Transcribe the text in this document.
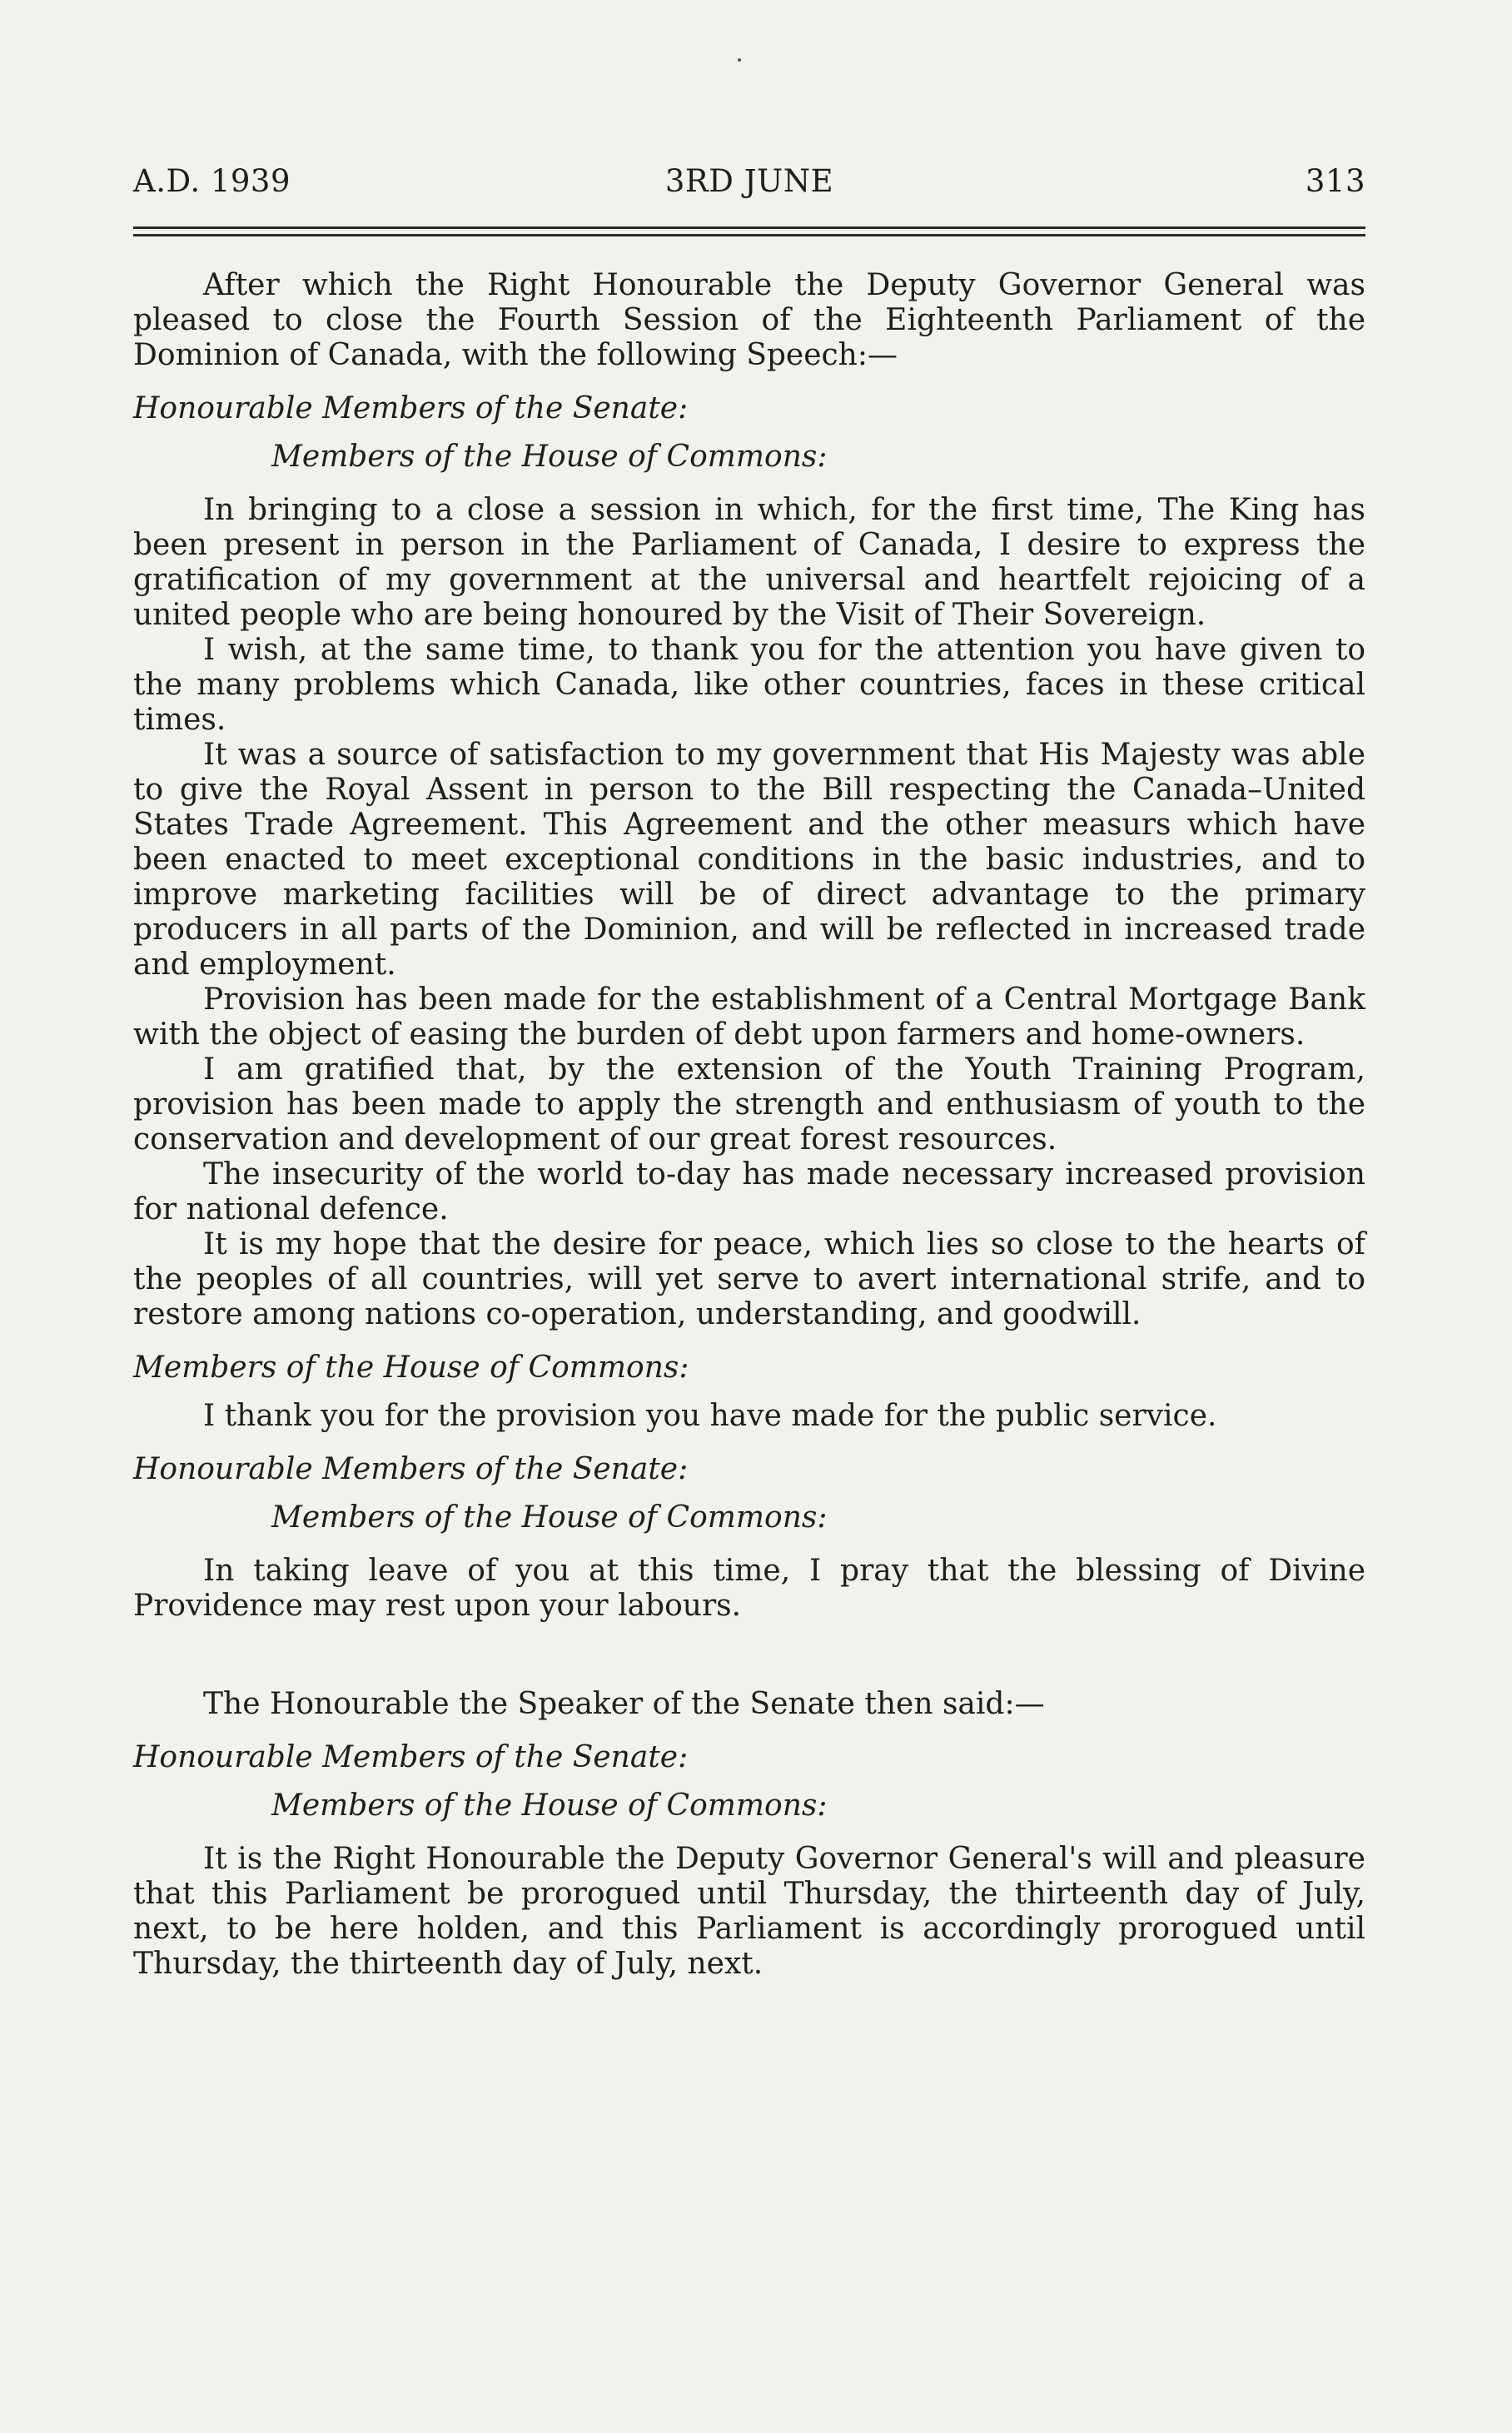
A.D. 1939	3RD JUNE	313

After which the Right Honourable the Deputy Governor General was pleased to close the Fourth Session of the Eighteenth Parliament of the Dominion of Canada, with the following Speech:—

Honourable Members of the Senate:

Members of the House of Commons:

In bringing to a close a session in which, for the first time, The King has been present in person in the Parliament of Canada, I desire to express the gratification of my government at the universal and heartfelt rejoicing of a united people who are being honoured by the Visit of Their Sovereign.

I wish, at the same time, to thank you for the attention you have given to the many problems which Canada, like other countries, faces in these critical times.

It was a source of satisfaction to my government that His Majesty was able to give the Royal Assent in person to the Bill respecting the Canada–United States Trade Agreement. This Agreement and the other measurs which have been enacted to meet exceptional conditions in the basic industries, and to improve marketing facilities will be of direct advantage to the primary producers in all parts of the Dominion, and will be reflected in increased trade and employment.

Provision has been made for the establishment of a Central Mortgage Bank with the object of easing the burden of debt upon farmers and home-owners.

I am gratified that, by the extension of the Youth Training Program, provision has been made to apply the strength and enthusiasm of youth to the conservation and development of our great forest resources.

The insecurity of the world to-day has made necessary increased provision for national defence.

It is my hope that the desire for peace, which lies so close to the hearts of the peoples of all countries, will yet serve to avert international strife, and to restore among nations co-operation, understanding, and goodwill.

Members of the House of Commons:

I thank you for the provision you have made for the public service.

Honourable Members of the Senate:

Members of the House of Commons:

In taking leave of you at this time, I pray that the blessing of Divine Providence may rest upon your labours.

The Honourable the Speaker of the Senate then said:—

Honourable Members of the Senate:

Members of the House of Commons:

It is the Right Honourable the Deputy Governor General's will and pleasure that this Parliament be prorogued until Thursday, the thirteenth day of July, next, to be here holden, and this Parliament is accordingly prorogued until Thursday, the thirteenth day of July, next.
